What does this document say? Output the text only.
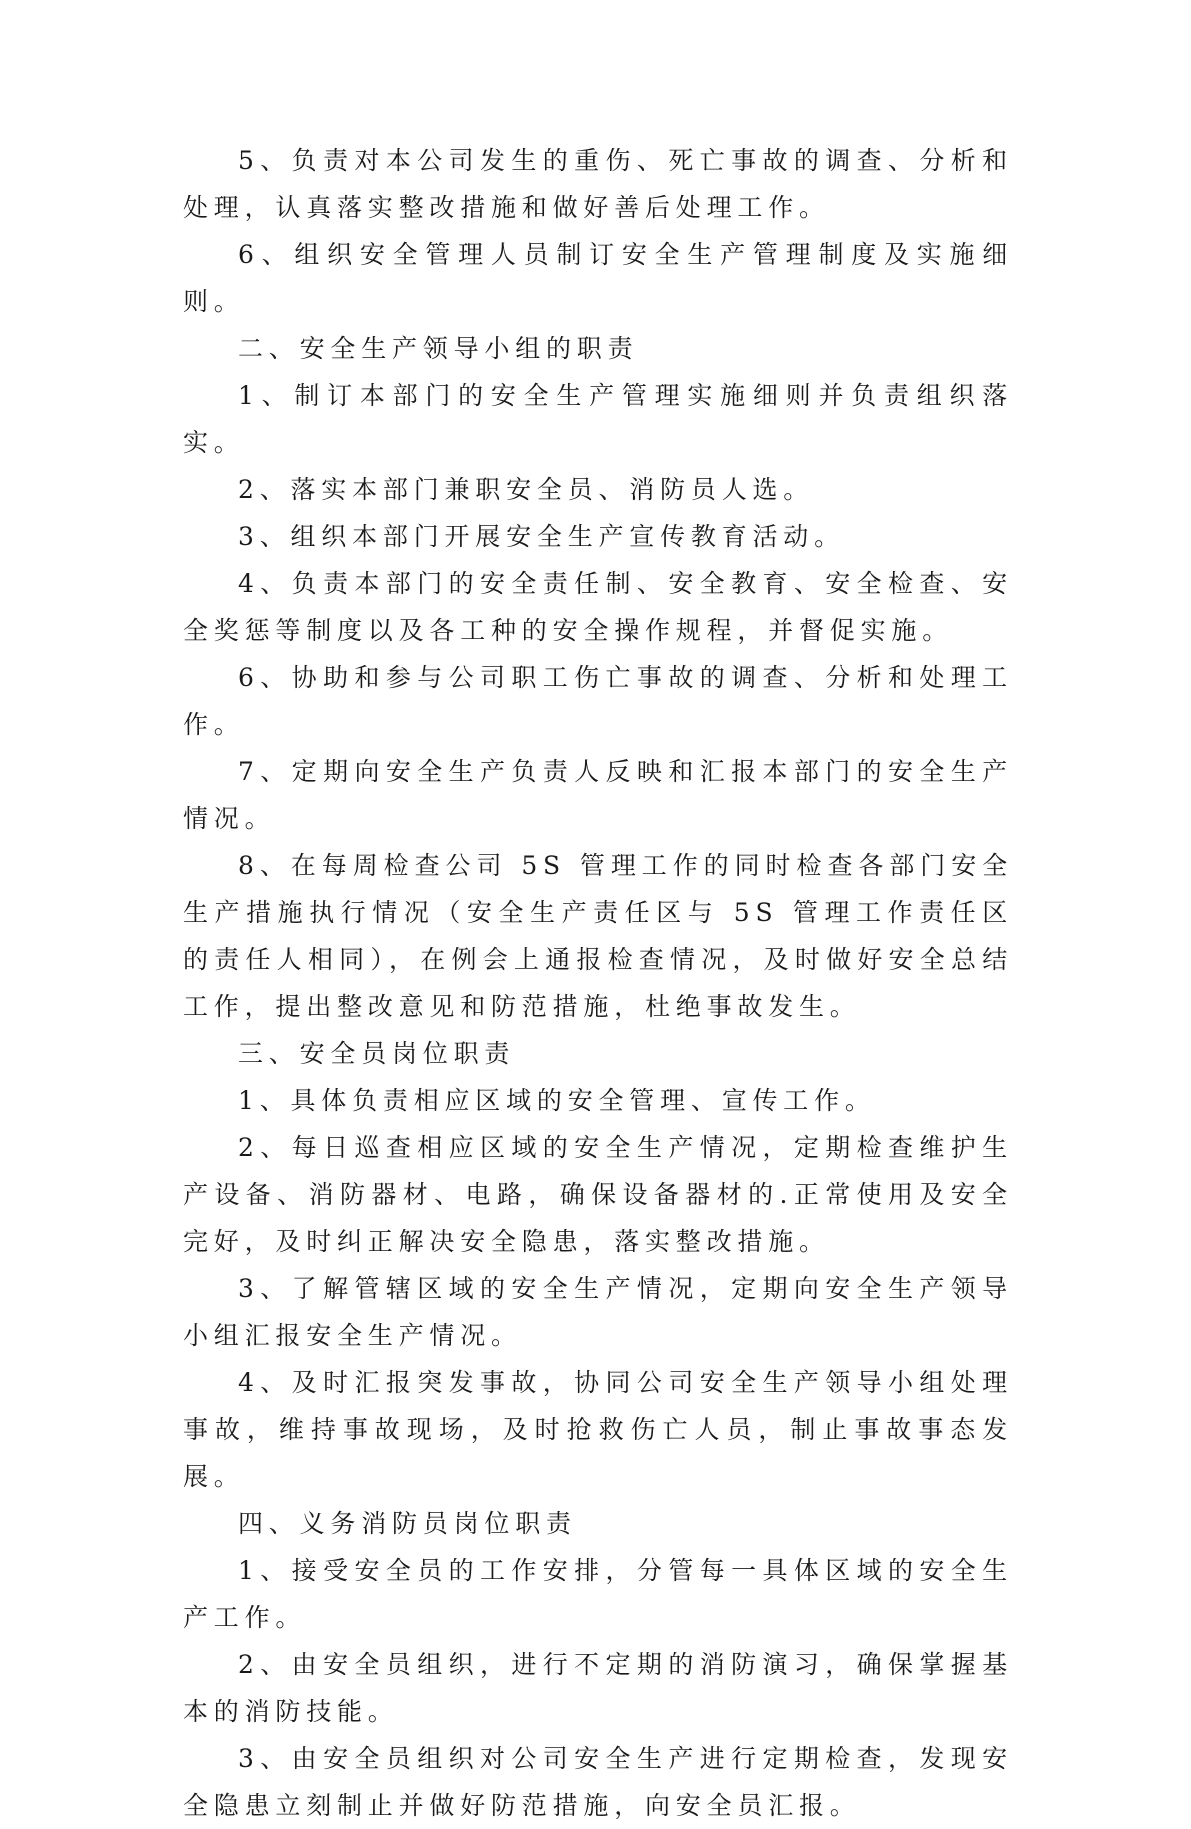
5、负责对本公司发生的重伤、死亡事故的调查、分析和处理，认真落实整改措施和做好善后处理工作。

6、组织安全管理人员制订安全生产管理制度及实施细则。

二、安全生产领导小组的职责

1、制订本部门的安全生产管理实施细则并负责组织落实。

2、落实本部门兼职安全员、消防员人选。

3、组织本部门开展安全生产宣传教育活动。

4、负责本部门的安全责任制、安全教育、安全检查、安全奖惩等制度以及各工种的安全操作规程，并督促实施。

6、协助和参与公司职工伤亡事故的调查、分析和处理工作。

7、定期向安全生产负责人反映和汇报本部门的安全生产情况。

8、在每周检查公司 5S 管理工作的同时检查各部门安全生产措施执行情况（安全生产责任区与 5S 管理工作责任区的责任人相同），在例会上通报检查情况，及时做好安全总结工作，提出整改意见和防范措施，杜绝事故发生。

三、安全员岗位职责

1、具体负责相应区域的安全管理、宣传工作。

2、每日巡查相应区域的安全生产情况，定期检查维护生产设备、消防器材、电路，确保设备器材的.正常使用及安全完好，及时纠正解决安全隐患，落实整改措施。

3、了解管辖区域的安全生产情况，定期向安全生产领导小组汇报安全生产情况。

4、及时汇报突发事故，协同公司安全生产领导小组处理事故，维持事故现场，及时抢救伤亡人员，制止事故事态发展。

四、义务消防员岗位职责

1、接受安全员的工作安排，分管每一具体区域的安全生产工作。

2、由安全员组织，进行不定期的消防演习，确保掌握基本的消防技能。

3、由安全员组织对公司安全生产进行定期检查，发现安全隐患立刻制止并做好防范措施，向安全员汇报。
